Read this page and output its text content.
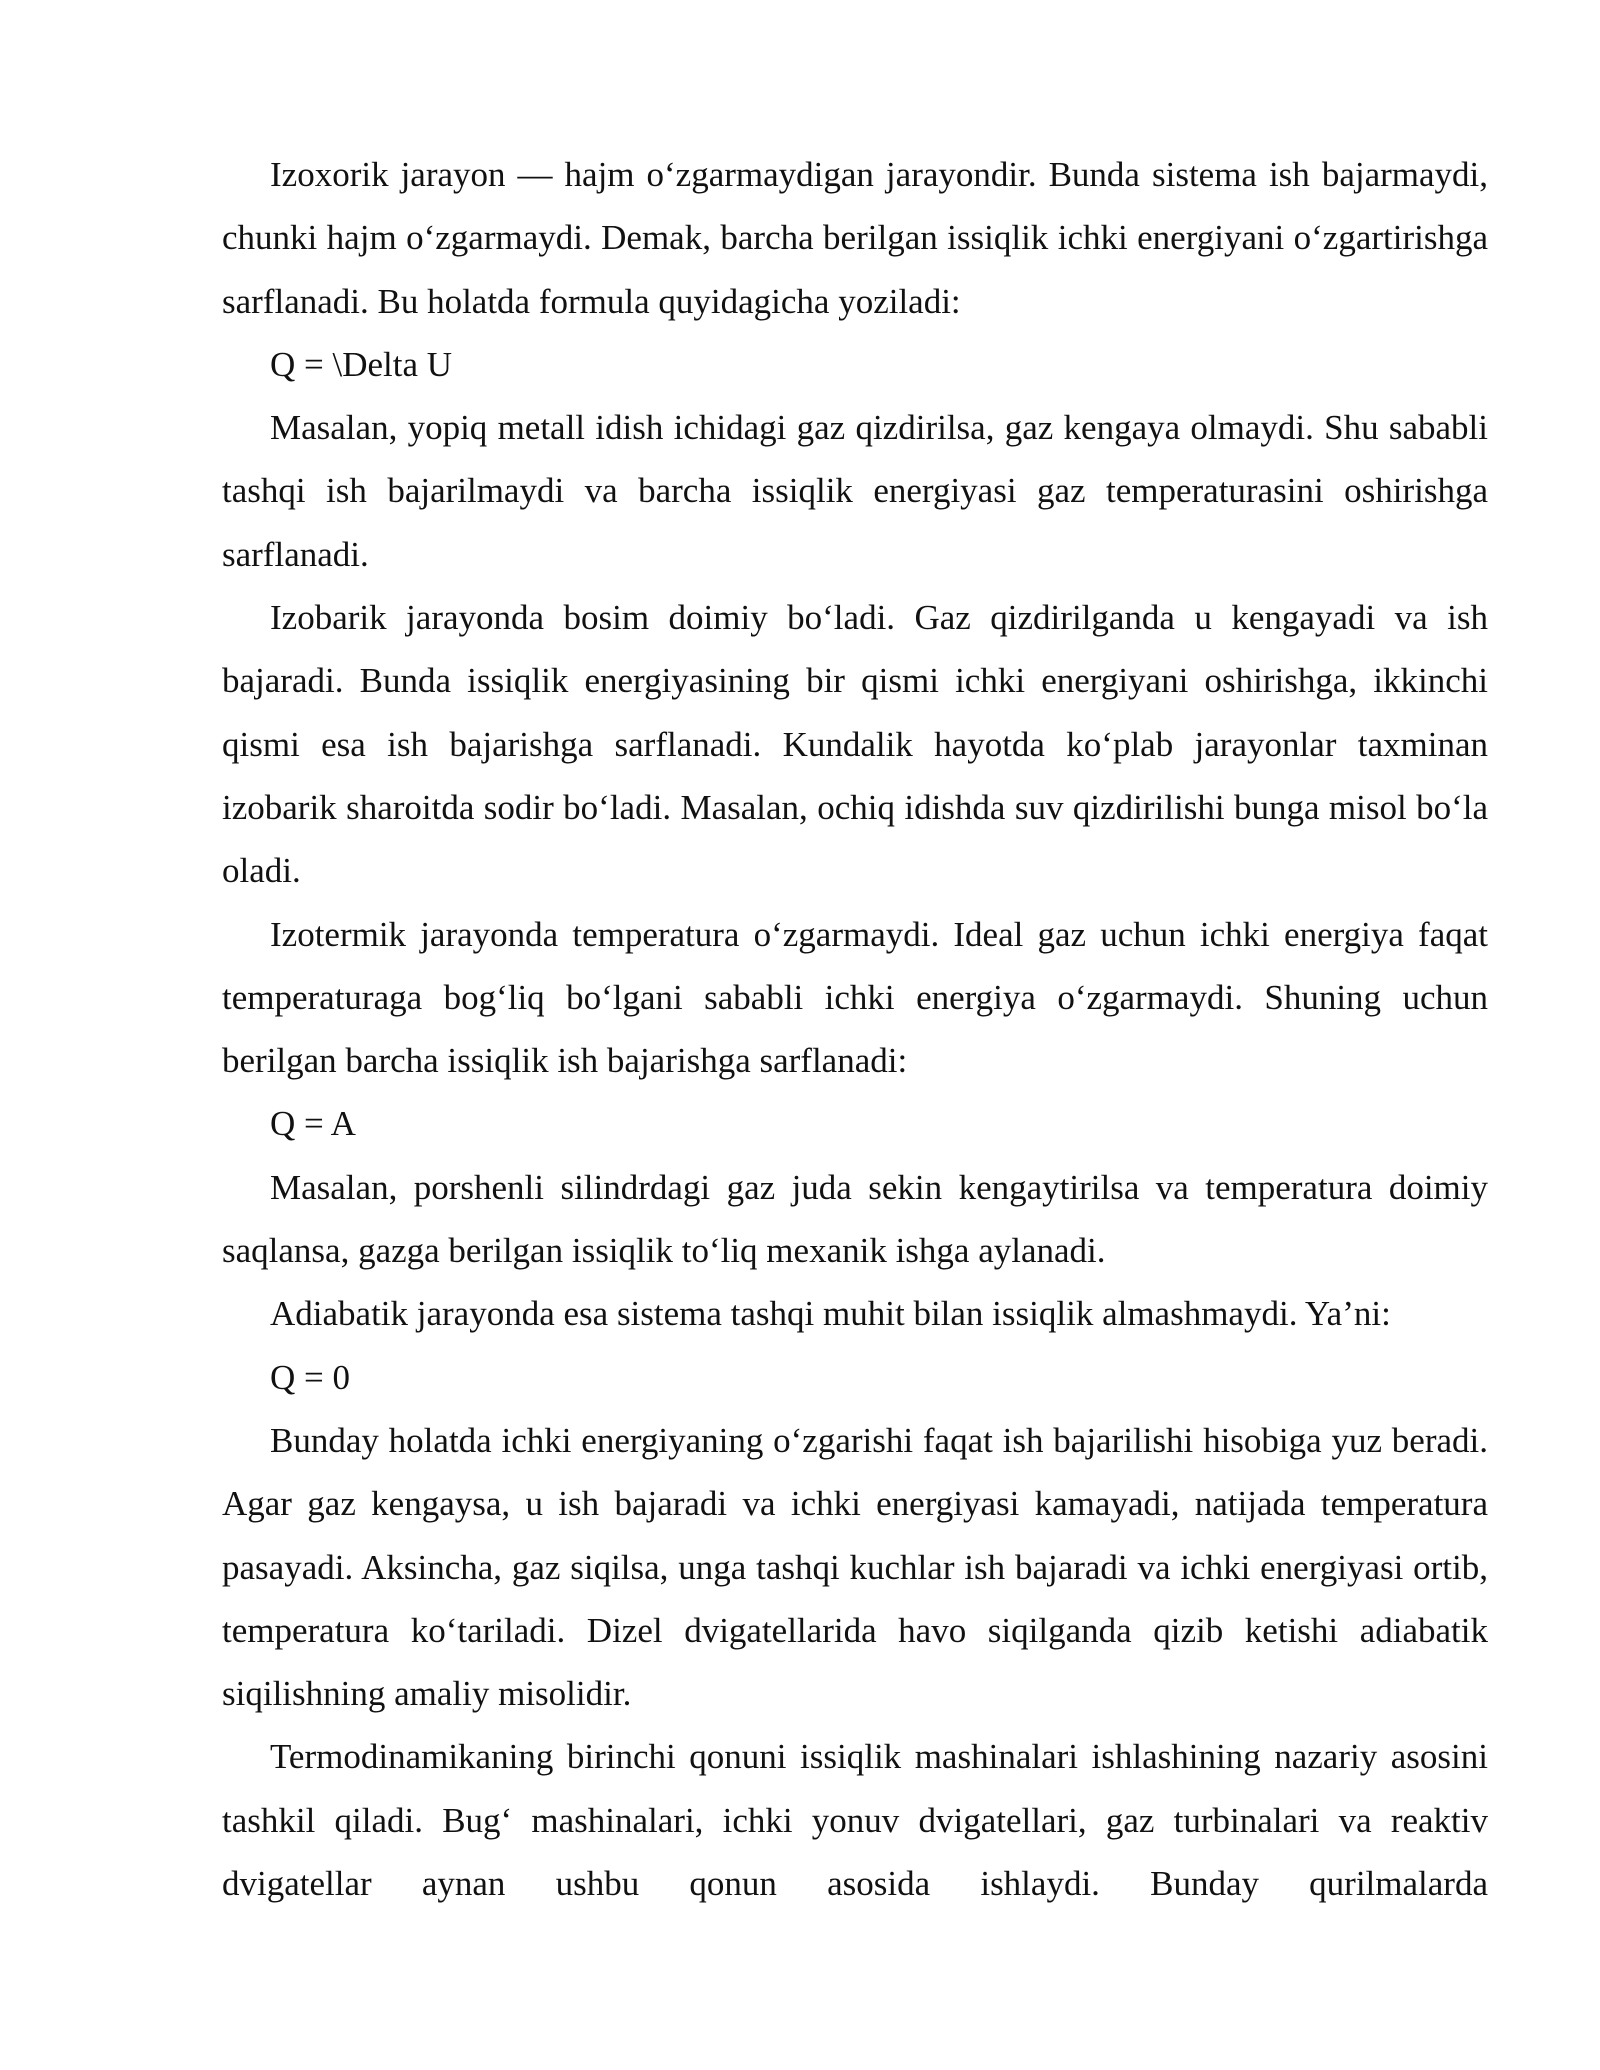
Izoxorik jarayon — hajm o‘zgarmaydigan jarayondir. Bunda sistema ish bajarmaydi, chunki hajm o‘zgarmaydi. Demak, barcha berilgan issiqlik ichki energiyani o‘zgartirishga sarflanadi. Bu holatda formula quyidagicha yoziladi:

Q = \Delta U

Masalan, yopiq metall idish ichidagi gaz qizdirilsa, gaz kengaya olmaydi. Shu sababli tashqi ish bajarilmaydi va barcha issiqlik energiyasi gaz temperaturasini oshirishga sarflanadi.

Izobarik jarayonda bosim doimiy bo‘ladi. Gaz qizdirilganda u kengayadi va ish bajaradi. Bunda issiqlik energiyasining bir qismi ichki energiyani oshirishga, ikkinchi qismi esa ish bajarishga sarflanadi. Kundalik hayotda ko‘plab jarayonlar taxminan izobarik sharoitda sodir bo‘ladi. Masalan, ochiq idishda suv qizdirilishi bunga misol bo‘la oladi.

Izotermik jarayonda temperatura o‘zgarmaydi. Ideal gaz uchun ichki energiya faqat temperaturaga bog‘liq bo‘lgani sababli ichki energiya o‘zgarmaydi. Shuning uchun berilgan barcha issiqlik ish bajarishga sarflanadi:

Q = A

Masalan, porshenli silindrdagi gaz juda sekin kengaytirilsa va temperatura doimiy saqlansa, gazga berilgan issiqlik to‘liq mexanik ishga aylanadi.

Adiabatik jarayonda esa sistema tashqi muhit bilan issiqlik almashmaydi. Ya’ni:

Q = 0

Bunday holatda ichki energiyaning o‘zgarishi faqat ish bajarilishi hisobiga yuz beradi. Agar gaz kengaysa, u ish bajaradi va ichki energiyasi kamayadi, natijada temperatura pasayadi. Aksincha, gaz siqilsa, unga tashqi kuchlar ish bajaradi va ichki energiyasi ortib, temperatura ko‘tariladi. Dizel dvigatellarida havo siqilganda qizib ketishi adiabatik siqilishning amaliy misolidir.

Termodinamikaning birinchi qonuni issiqlik mashinalari ishlashining nazariy asosini tashkil qiladi. Bug‘ mashinalari, ichki yonuv dvigatellari, gaz turbinalari va reaktiv dvigatellar aynan ushbu qonun asosida ishlaydi. Bunday qurilmalarda
